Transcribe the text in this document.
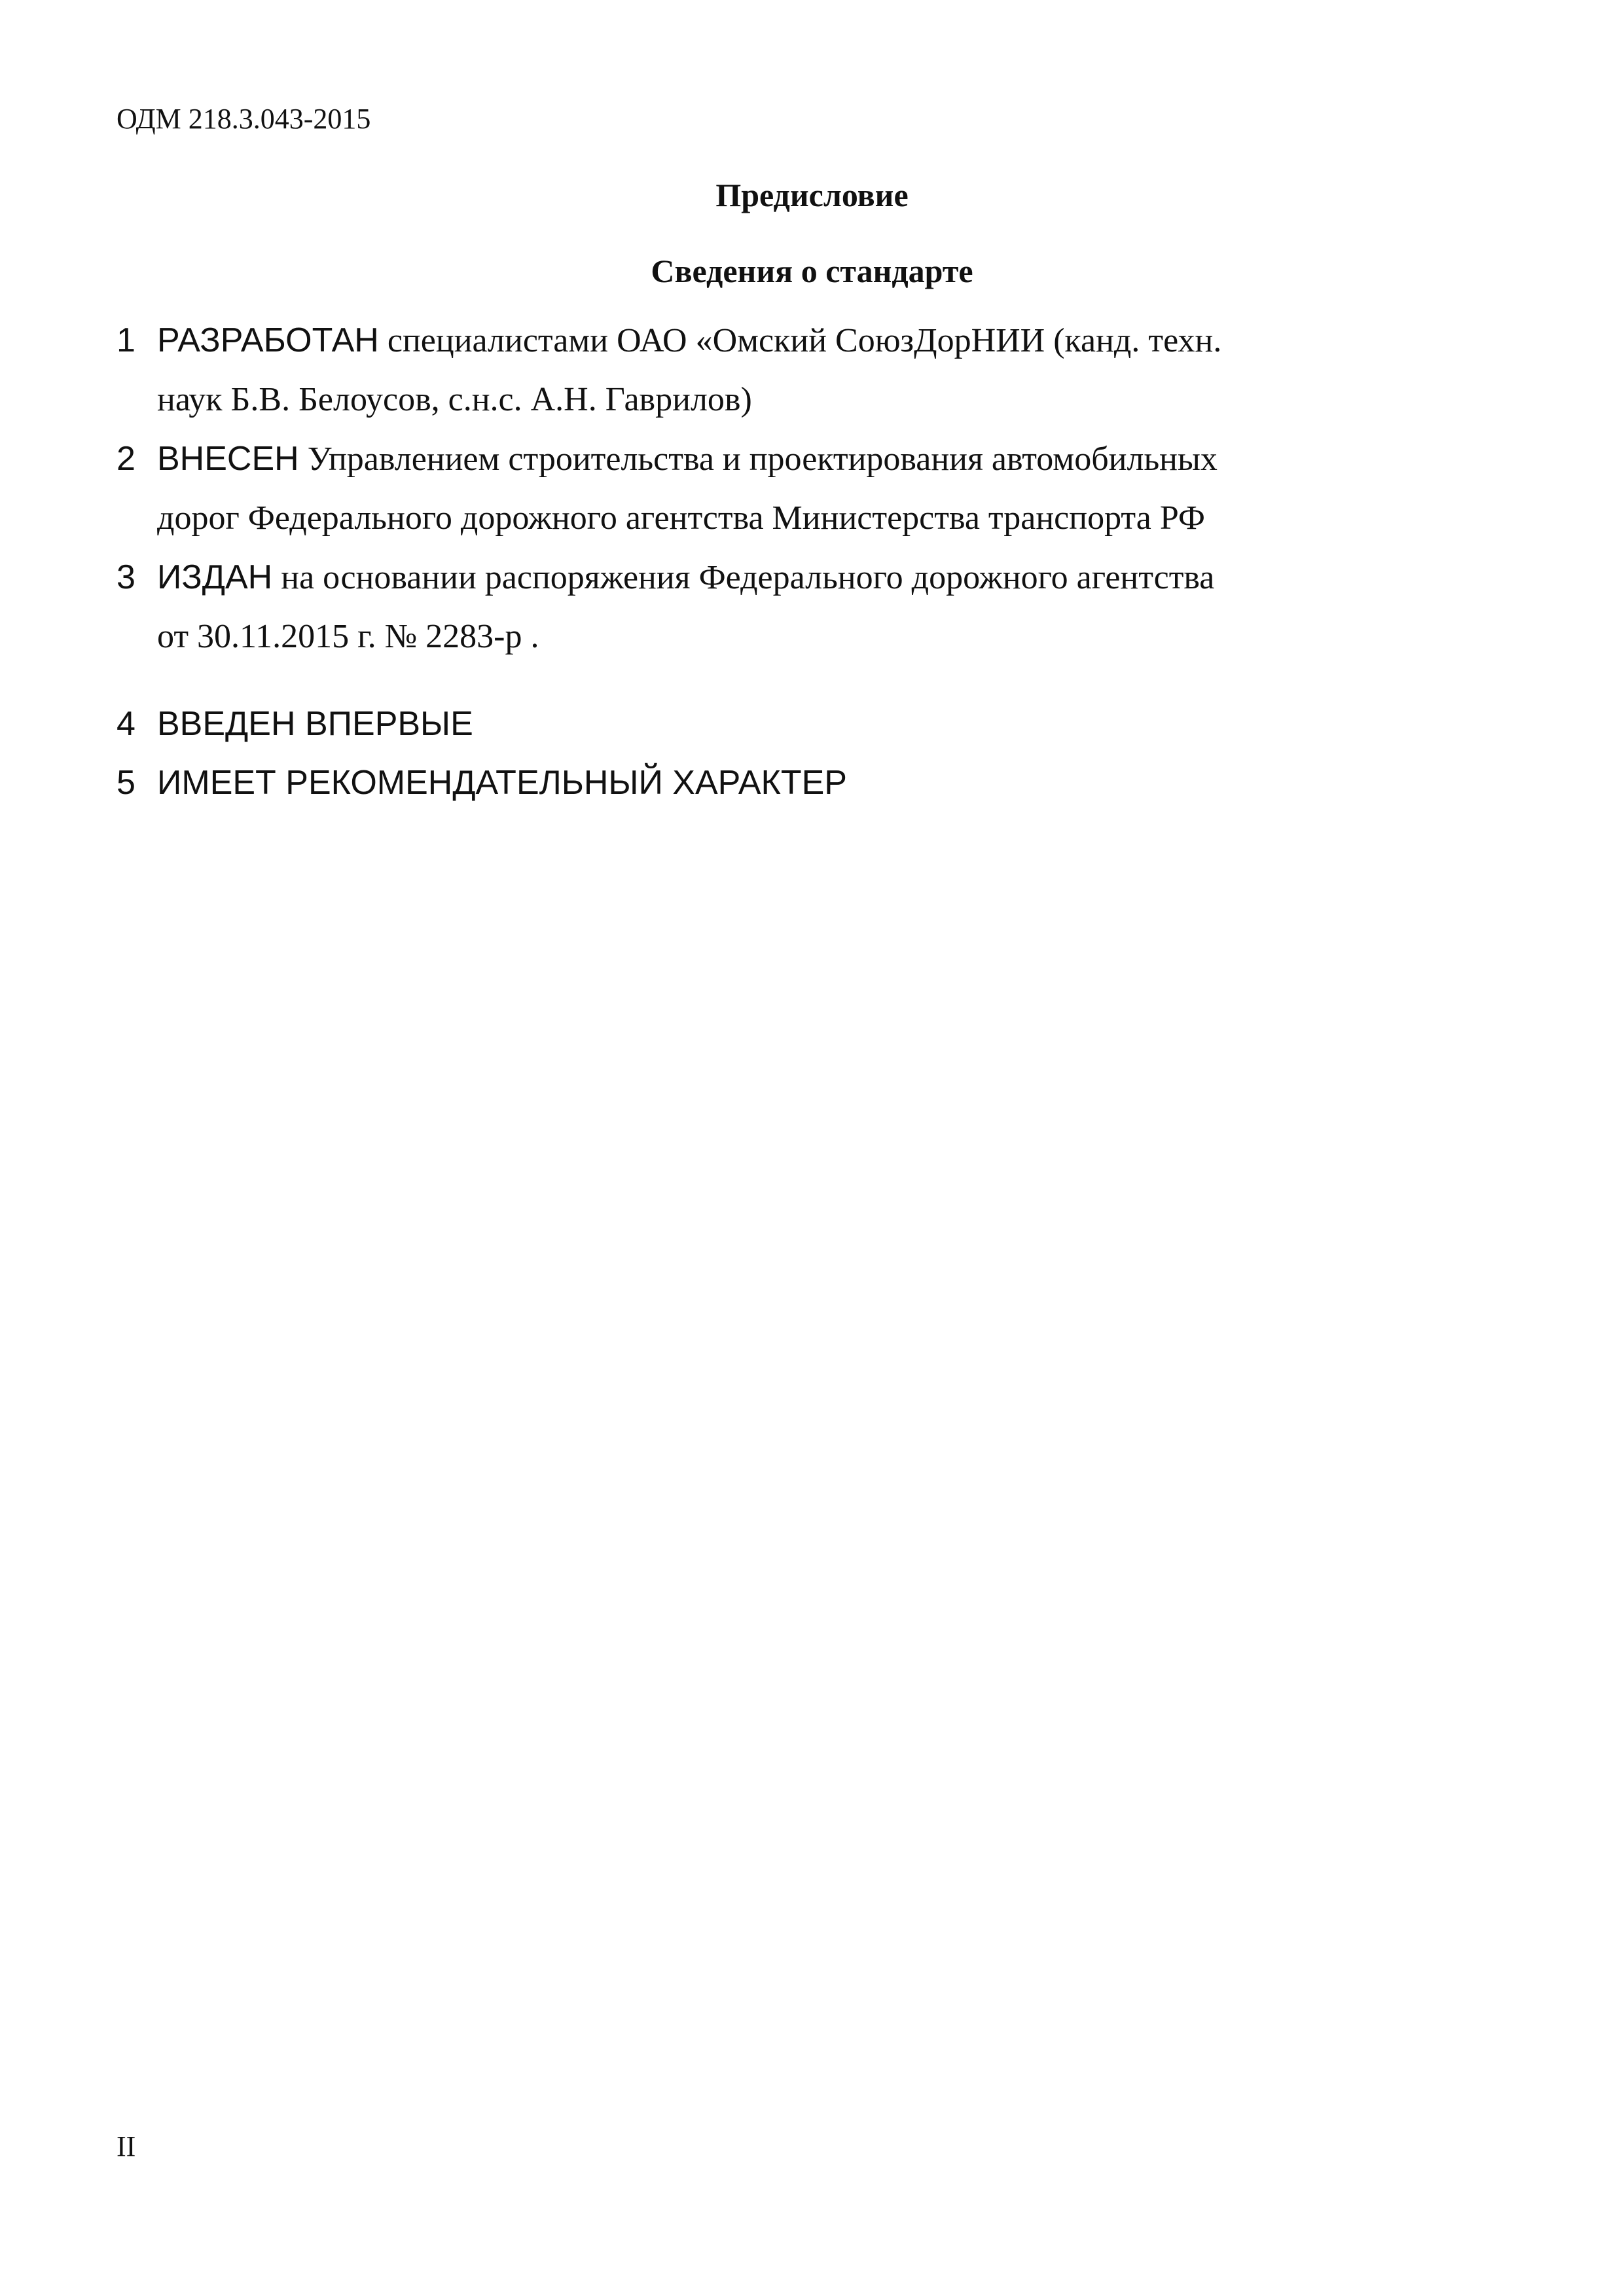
ОДМ 218.3.043-2015
Предисловие
Сведения о стандарте
1 РАЗРАБОТАН специалистами ОАО «Омский СоюзДорНИИ (канд. техн.
наук Б.В. Белоусов, с.н.с. А.Н. Гаврилов)
2 ВНЕСЕН Управлением строительства и проектирования автомобильных
дорог Федерального дорожного агентства Министерства транспорта РФ
3 ИЗДАН на основании распоряжения Федерального дорожного агентства
от 30.11.2015 г. № 2283-р .
4 ВВЕДЕН ВПЕРВЫЕ
5 ИМЕЕТ РЕКОМЕНДАТЕЛЬНЫЙ ХАРАКТЕР
II
